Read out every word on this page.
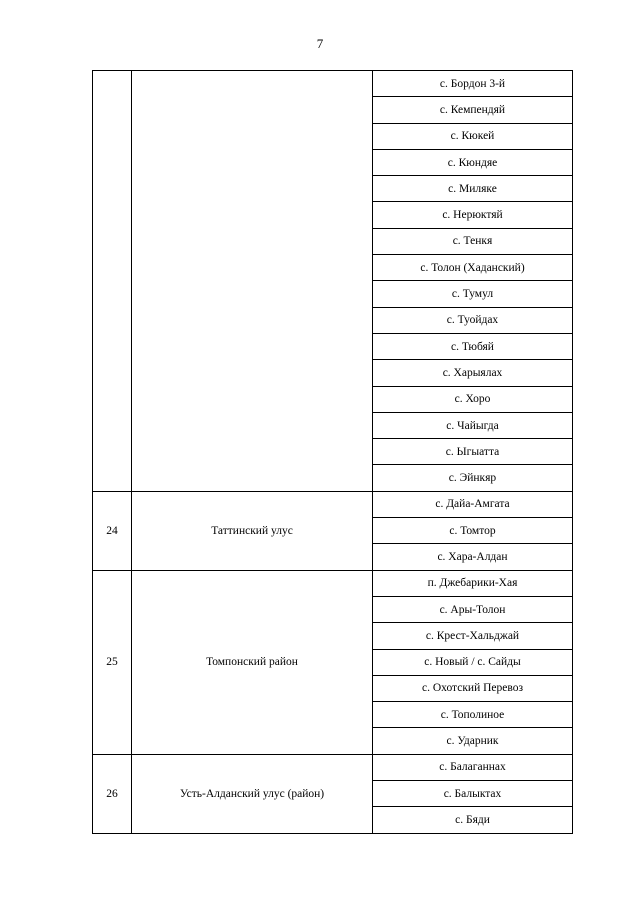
7
		с. Бордон 3-й
		с. Кемпендяй
		с. Кюкей
		с. Кюндяе
		с. Миляке
		с. Нерюктяй
		с. Тенкя
		с. Толон (Хаданский)
		с. Тумул
		с. Туойдах
		с. Тюбяй
		с. Харыялах
		с. Хоро
		с. Чайыгда
		с. Ыгыатта
		с. Эйнкяр
24	Таттинский улус	с. Дайа-Амгата
		с. Томтор
		с. Хара-Алдан
25	Томпонский район	п. Джебарики-Хая
		с. Ары-Толон
		с. Крест-Хальджай
		с. Новый / с. Сайды
		с. Охотский Перевоз
		с. Тополиное
		с. Ударник
26	Усть-Алданский улус (район)	с. Балаганнах
		с. Балыктах
		с. Бяди
